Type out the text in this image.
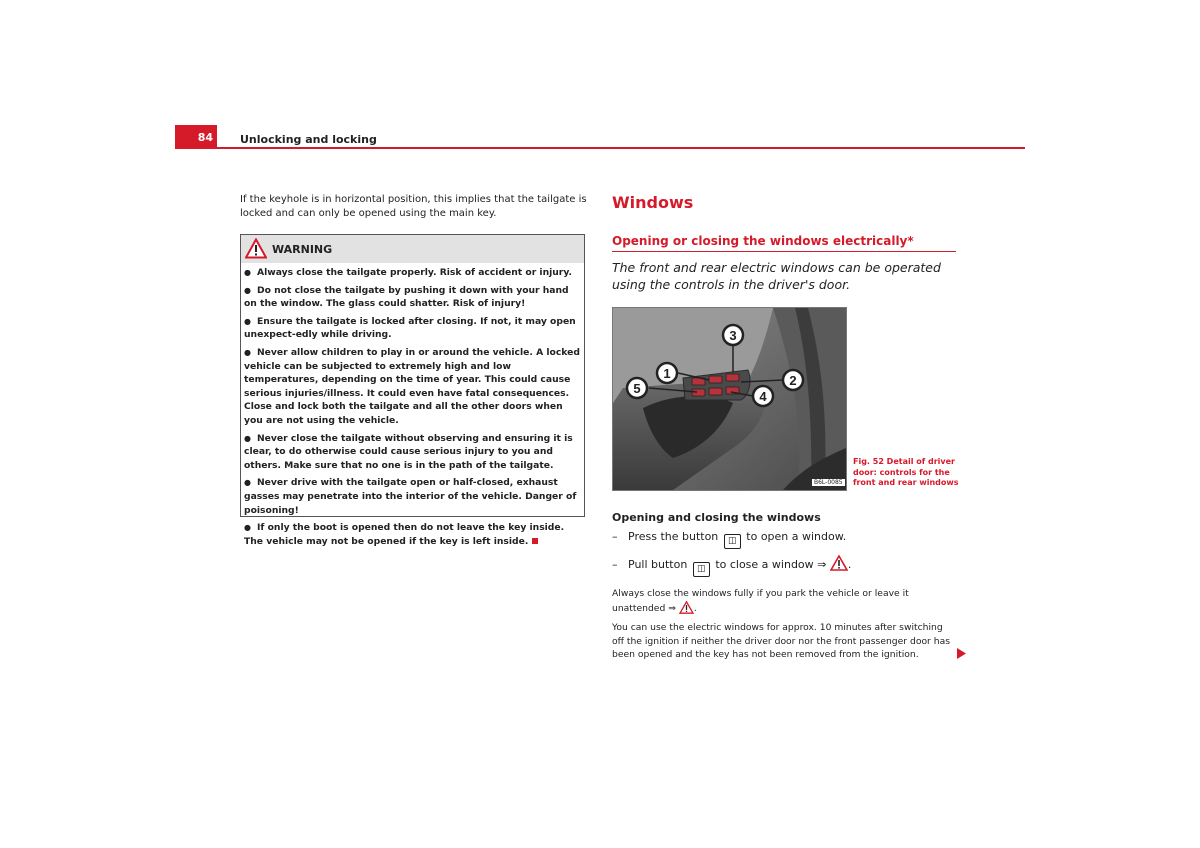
84 Unlocking and locking
If the keyhole is in horizontal position, this implies that the tailgate is locked and can only be opened using the main key.
WARNING
● Always close the tailgate properly. Risk of accident or injury.
● Do not close the tailgate by pushing it down with your hand on the window. The glass could shatter. Risk of injury!
● Ensure the tailgate is locked after closing. If not, it may open unexpect-edly while driving.
● Never allow children to play in or around the vehicle. A locked vehicle can be subjected to extremely high and low temperatures, depending on the time of year. This could cause serious injuries/illness. It could even have fatal consequences. Close and lock both the tailgate and all the other doors when you are not using the vehicle.
● Never close the tailgate without observing and ensuring it is clear, to do otherwise could cause serious injury to you and others. Make sure that no one is in the path of the tailgate.
● Never drive with the tailgate open or half-closed, exhaust gasses may penetrate into the interior of the vehicle. Danger of poisoning!
● If only the boot is opened then do not leave the key inside. The vehicle may not be opened if the key is left inside.
Windows
Opening or closing the windows electrically*
The front and rear electric windows can be operated using the controls in the driver's door.
3
1
5
2
4
B6L-0085
Fig. 52 Detail of driver door: controls for the front and rear windows
Opening and closing the windows
– Press the button ◫ to open a window.
– Pull button ◫ to close a window ⇒ .
Always close the windows fully if you park the vehicle or leave it unattended ⇒ .
You can use the electric windows for approx. 10 minutes after switching off the ignition if neither the driver door nor the front passenger door has been opened and the key has not been removed from the ignition.
